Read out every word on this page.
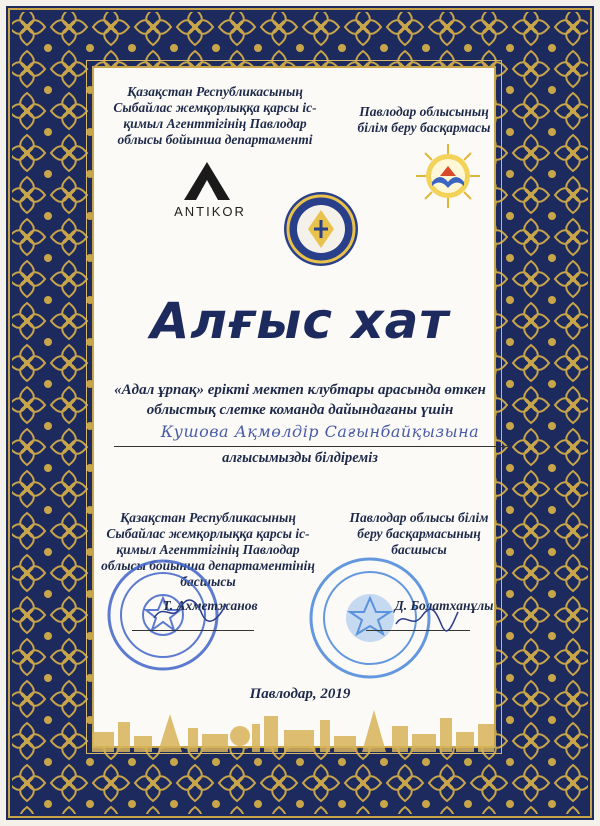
Қазақстан Республикасының Сыбайлас жемқорлыққа қарсы іс-қимыл Агенттігінің Павлодар облысы бойынша департаменті
Павлодар облысының білім беру басқармасы
ANTIKOR
Алғыс хат
«Адал ұрпақ» ерікті мектеп клубтары арасында өткен облыстық слетке команда дайындағаны үшін
Кушова Ақмөлдір Сағынбайқызына
алғысымызды білдіреміз
Қазақстан Республикасының Сыбайлас жемқорлыққа қарсы іс-қимыл Агенттігінің Павлодар облысы бойынша департаментінің басшысы
Павлодар облысы білім беру басқармасының басшысы
Т. Ахметжанов	Д. Болатханұлы
Павлодар, 2019
